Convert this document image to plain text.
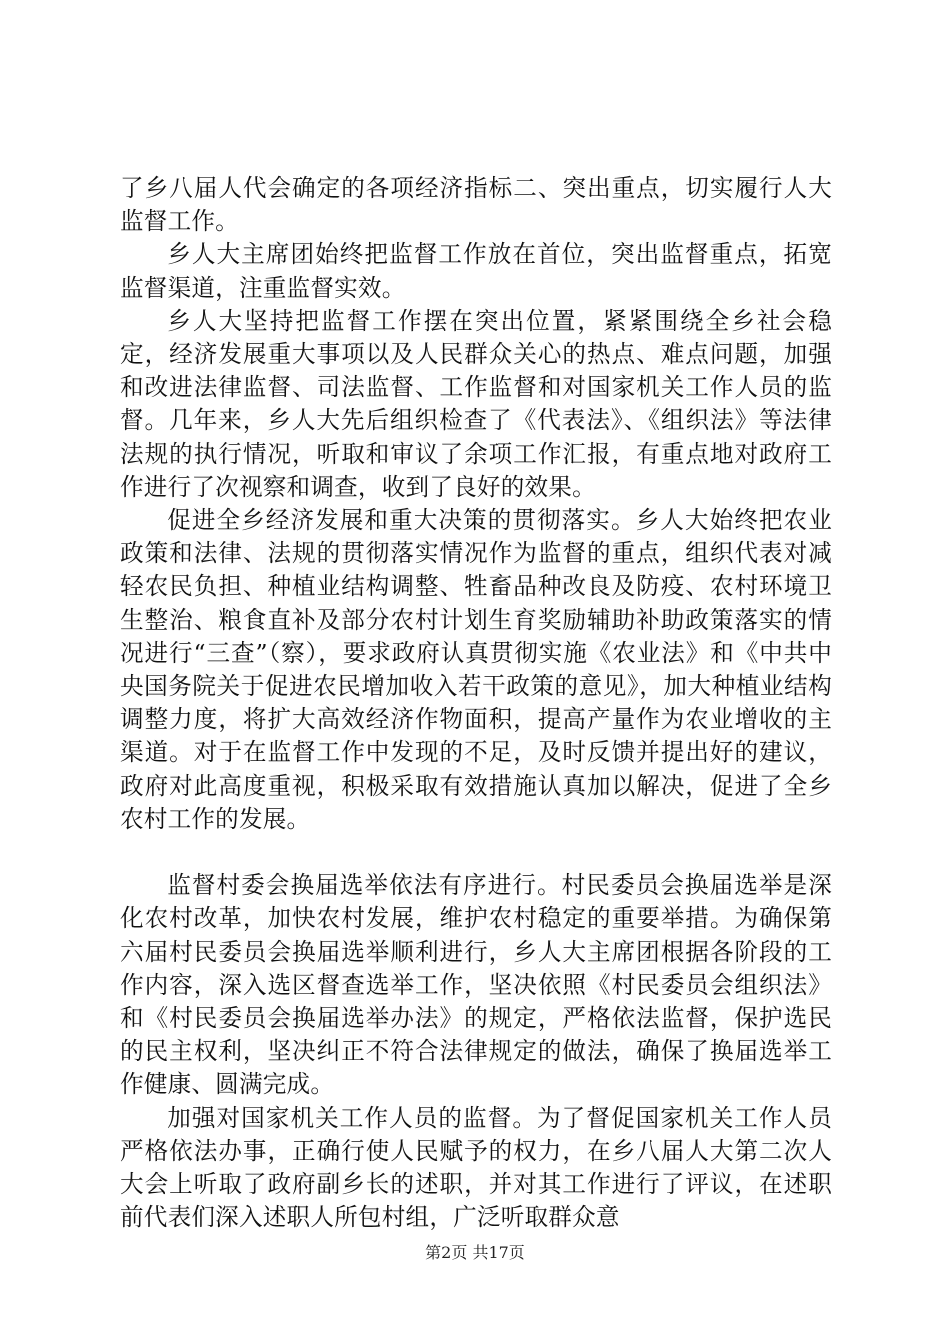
了乡八届人代会确定的各项经济指标二、突出重点，切实履行人大监督工作。

乡人大主席团始终把监督工作放在首位，突出监督重点，拓宽监督渠道，注重监督实效。

乡人大坚持把监督工作摆在突出位置，紧紧围绕全乡社会稳定，经济发展重大事项以及人民群众关心的热点、难点问题，加强和改进法律监督、司法监督、工作监督和对国家机关工作人员的监督。几年来，乡人大先后组织检查了《代表法》、《组织法》等法律法规的执行情况，听取和审议了余项工作汇报，有重点地对政府工作进行了次视察和调查，收到了良好的效果。

促进全乡经济发展和重大决策的贯彻落实。乡人大始终把农业政策和法律、法规的贯彻落实情况作为监督的重点，组织代表对减轻农民负担、种植业结构调整、牲畜品种改良及防疫、农村环境卫生整治、粮食直补及部分农村计划生育奖励辅助补助政策落实的情况进行“三查”（察），要求政府认真贯彻实施《农业法》和《中共中央国务院关于促进农民增加收入若干政策的意见》，加大种植业结构调整力度，将扩大高效经济作物面积，提高产量作为农业增收的主渠道。对于在监督工作中发现的不足，及时反馈并提出好的建议，政府对此高度重视，积极采取有效措施认真加以解决，促进了全乡农村工作的发展。

监督村委会换届选举依法有序进行。村民委员会换届选举是深化农村改革，加快农村发展，维护农村稳定的重要举措。为确保第六届村民委员会换届选举顺利进行，乡人大主席团根据各阶段的工作内容，深入选区督查选举工作，坚决依照《村民委员会组织法》和《村民委员会换届选举办法》的规定，严格依法监督，保护选民的民主权利，坚决纠正不符合法律规定的做法，确保了换届选举工作健康、圆满完成。

加强对国家机关工作人员的监督。为了督促国家机关工作人员严格依法办事，正确行使人民赋予的权力，在乡八届人大第二次人大会上听取了政府副乡长的述职，并对其工作进行了评议，在述职前代表们深入述职人所包村组，广泛听取群众意

第2页 共17页
